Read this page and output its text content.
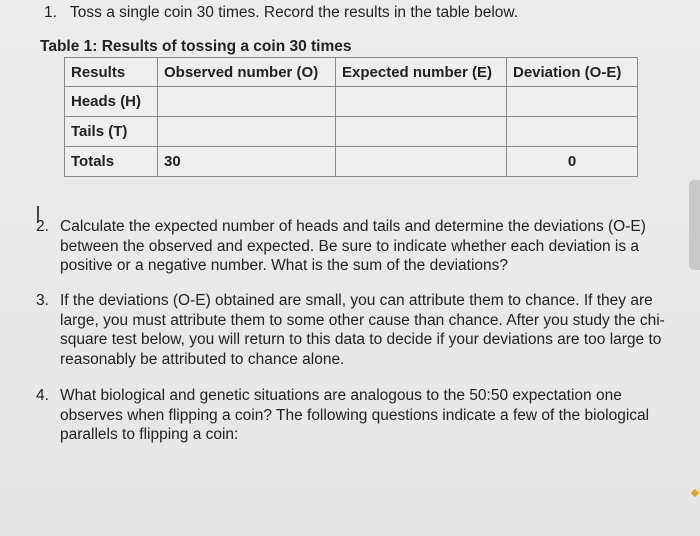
1. Toss a single coin 30 times. Record the results in the table below.
Table 1: Results of tossing a coin 30 times
Results	Observed number (O)	Expected number (E)	Deviation (O-E)
Heads (H)			
Tails (T)			
Totals	30		0
2. Calculate the expected number of heads and tails and determine the deviations (O-E) between the observed and expected. Be sure to indicate whether each deviation is a positive or a negative number. What is the sum of the deviations?
3. If the deviations (O-E) obtained are small, you can attribute them to chance. If they are large, you must attribute them to some other cause than chance. After you study the chi-square test below, you will return to this data to decide if your deviations are too large to reasonably be attributed to chance alone.
4. What biological and genetic situations are analogous to the 50:50 expectation one observes when flipping a coin? The following questions indicate a few of the biological parallels to flipping a coin:
